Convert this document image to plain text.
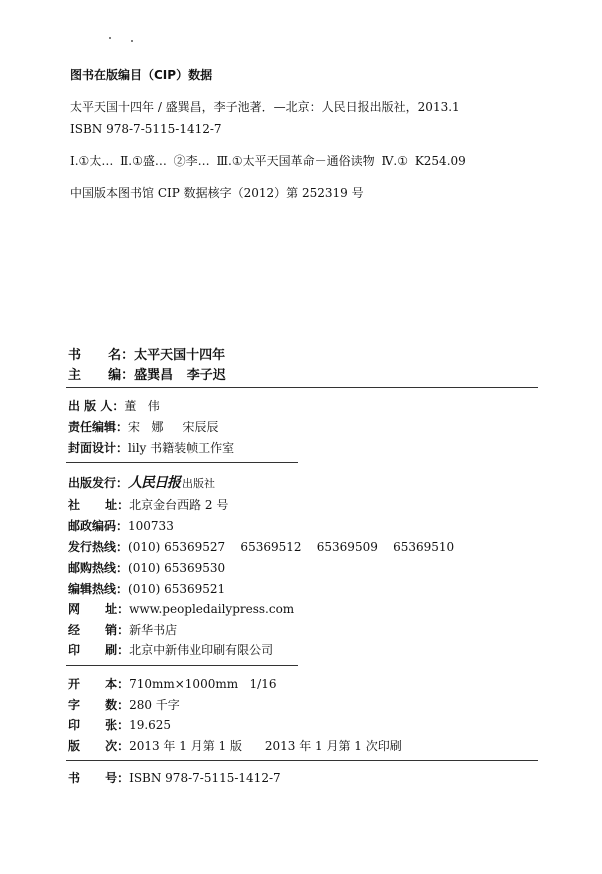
图书在版编目（CIP）数据
太平天国十四年 / 盛巽昌，李子池著．—北京：人民日报出版社，2013.1
ISBN 978-7-5115-1412-7
Ⅰ.①太… Ⅱ.①盛… ②李… Ⅲ.①太平天国革命－通俗读物 Ⅳ.① K254.09
中国版本图书馆 CIP 数据核字（2012）第 252319 号
书      名： 太平天国十四年
主      编： 盛巽昌   李子迟
出 版 人： 董   伟
责任编辑： 宋   娜     宋辰辰
封面设计： lily 书籍装帧工作室
出版发行： 人民日报 出版社
社      址： 北京金台西路 2 号
邮政编码： 100733
发行热线： (010) 65369527    65369512    65369509    65369510
邮购热线： (010) 65369530
编辑热线： (010) 65369521
网      址： www.peopledailypress.com
经      销： 新华书店
印      刷： 北京中新伟业印刷有限公司
开      本： 710mm×1000mm   1/16
字      数： 280 千字
印      张： 19.625
版      次： 2013 年 1 月第 1 版      2013 年 1 月第 1 次印刷
书      号： ISBN 978-7-5115-1412-7
